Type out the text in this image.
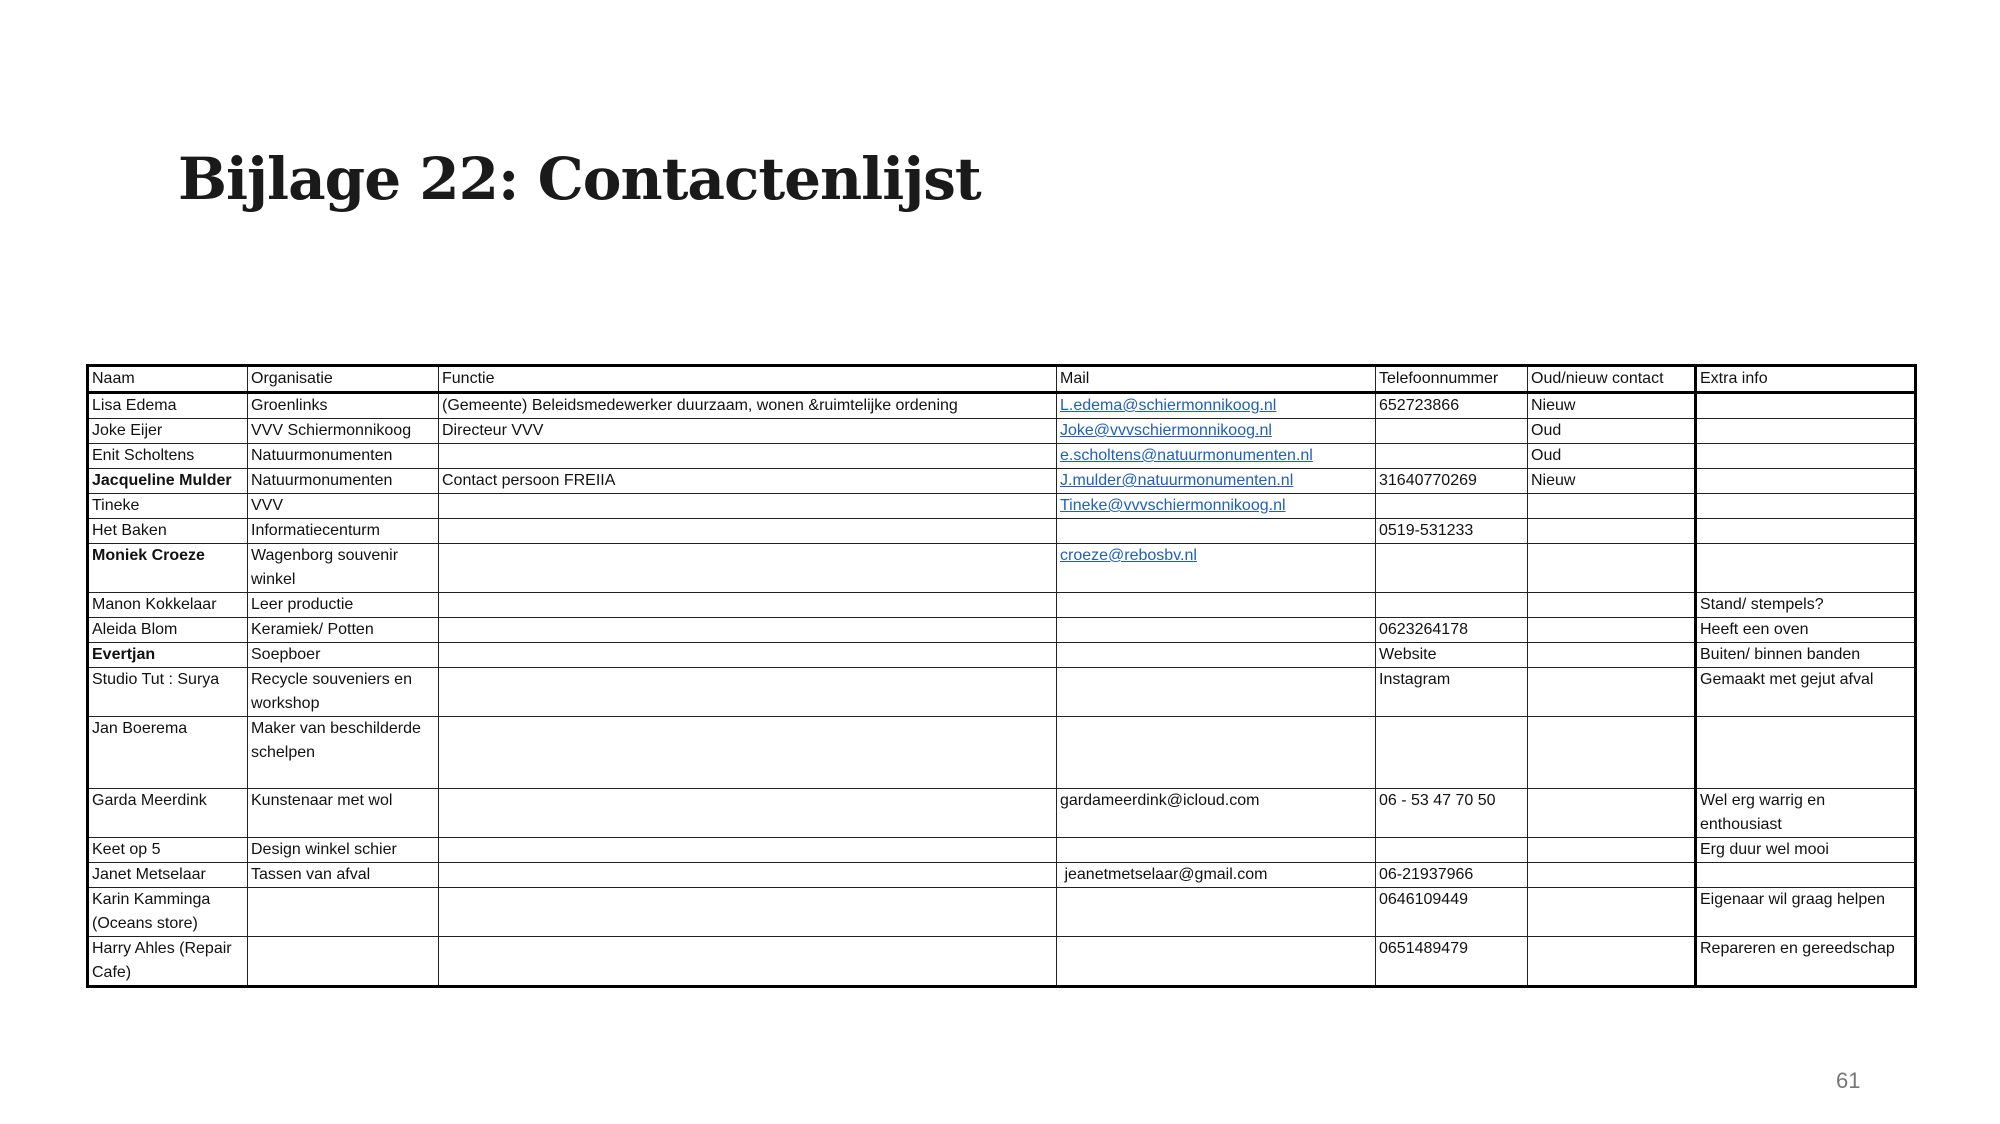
Bijlage 22: Contactenlijst
Naam	Organisatie	Functie	Mail	Telefoonnummer	Oud/nieuw contact	Extra info
Lisa Edema	Groenlinks	(Gemeente) Beleidsmedewerker duurzaam, wonen &ruimtelijke ordening	L.edema@schiermonnikoog.nl	652723866	Nieuw	
Joke Eijer	VVV Schiermonnikoog	Directeur VVV	Joke@vvvschiermonnikoog.nl		Oud	
Enit Scholtens	Natuurmonumenten		e.scholtens@natuurmonumenten.nl		Oud	
Jacqueline Mulder	Natuurmonumenten	Contact persoon FREIIA	J.mulder@natuurmonumenten.nl	31640770269	Nieuw	
Tineke	VVV		Tineke@vvvschiermonnikoog.nl			
Het Baken	Informatiecenturm			0519-531233		
Moniek Croeze	Wagenborg souvenir winkel		croeze@rebosbv.nl			
Manon Kokkelaar	Leer productie					Stand/ stempels?
Aleida Blom	Keramiek/ Potten			0623264178		Heeft een oven
Evertjan	Soepboer			Website		Buiten/ binnen banden
Studio Tut : Surya	Recycle souveniers en workshop			Instagram		Gemaakt met gejut afval
Jan Boerema	Maker van beschilderde schelpen					
Garda Meerdink	Kunstenaar met wol		gardameerdink@icloud.com	06 - 53 47 70 50		Wel erg warrig en enthousiast
Keet op 5	Design winkel schier					Erg duur wel mooi
Janet Metselaar	Tassen van afval		jeanetmetselaar@gmail.com	06-21937966		
Karin Kamminga (Oceans store)				0646109449		Eigenaar wil graag helpen
Harry Ahles (Repair Cafe)				0651489479		Repareren en gereedschap
61
